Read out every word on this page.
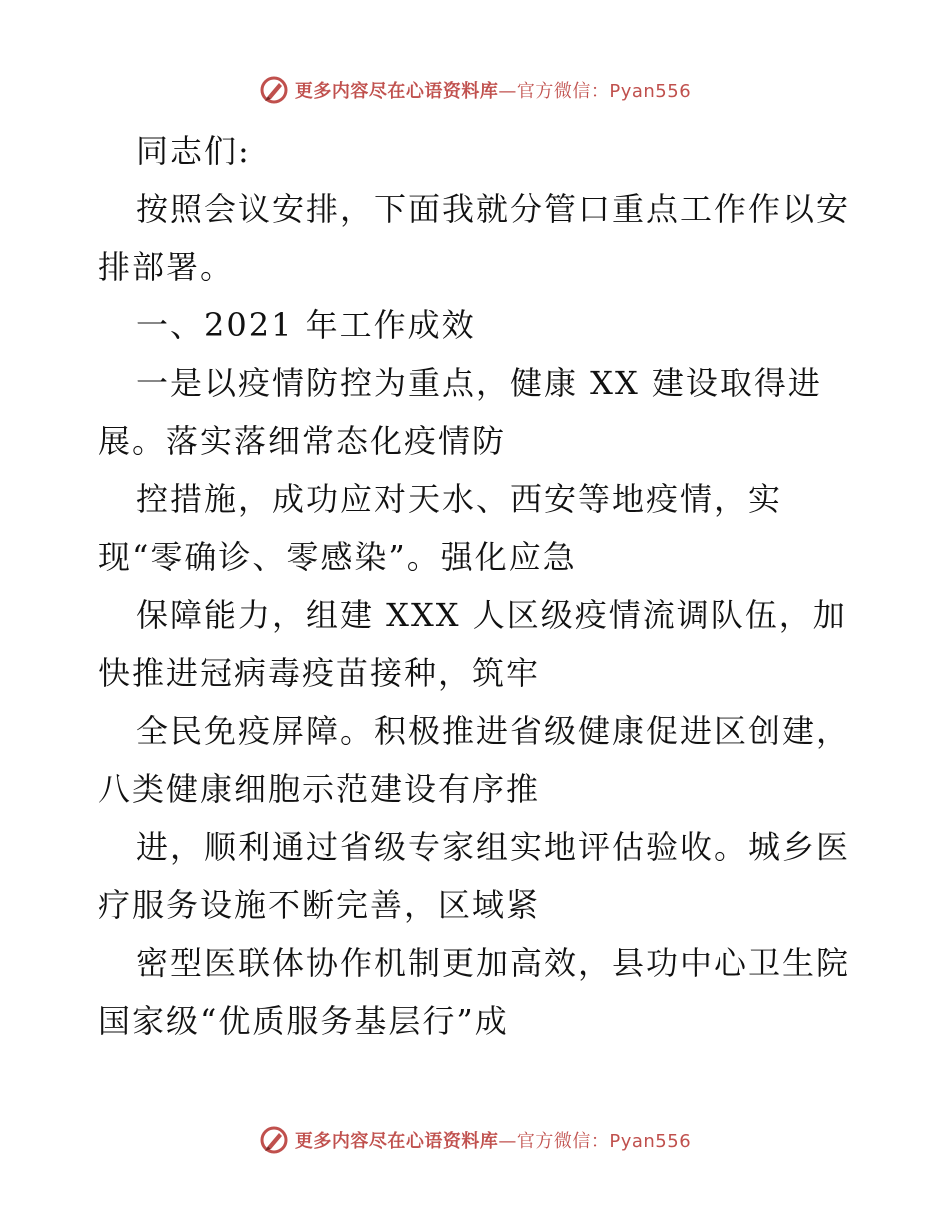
更多内容尽在心语资料库—官方微信：Pyan556
同志们:
按照会议安排，下面我就分管口重点工作作以安
排部署。
一、2021 年工作成效
一是以疫情防控为重点，健康 XX 建设取得进
展。落实落细常态化疫情防
控措施，成功应对天水、西安等地疫情，实
现“零确诊、零感染”。强化应急
保障能力，组建 XXX 人区级疫情流调队伍，加
快推进冠病毒疫苗接种，筑牢
全民免疫屏障。积极推进省级健康促进区创建，
八类健康细胞示范建设有序推
进，顺利通过省级专家组实地评估验收。城乡医
疗服务设施不断完善，区域紧
密型医联体协作机制更加高效，县功中心卫生院
国家级“优质服务基层行”成
更多内容尽在心语资料库—官方微信：Pyan556
